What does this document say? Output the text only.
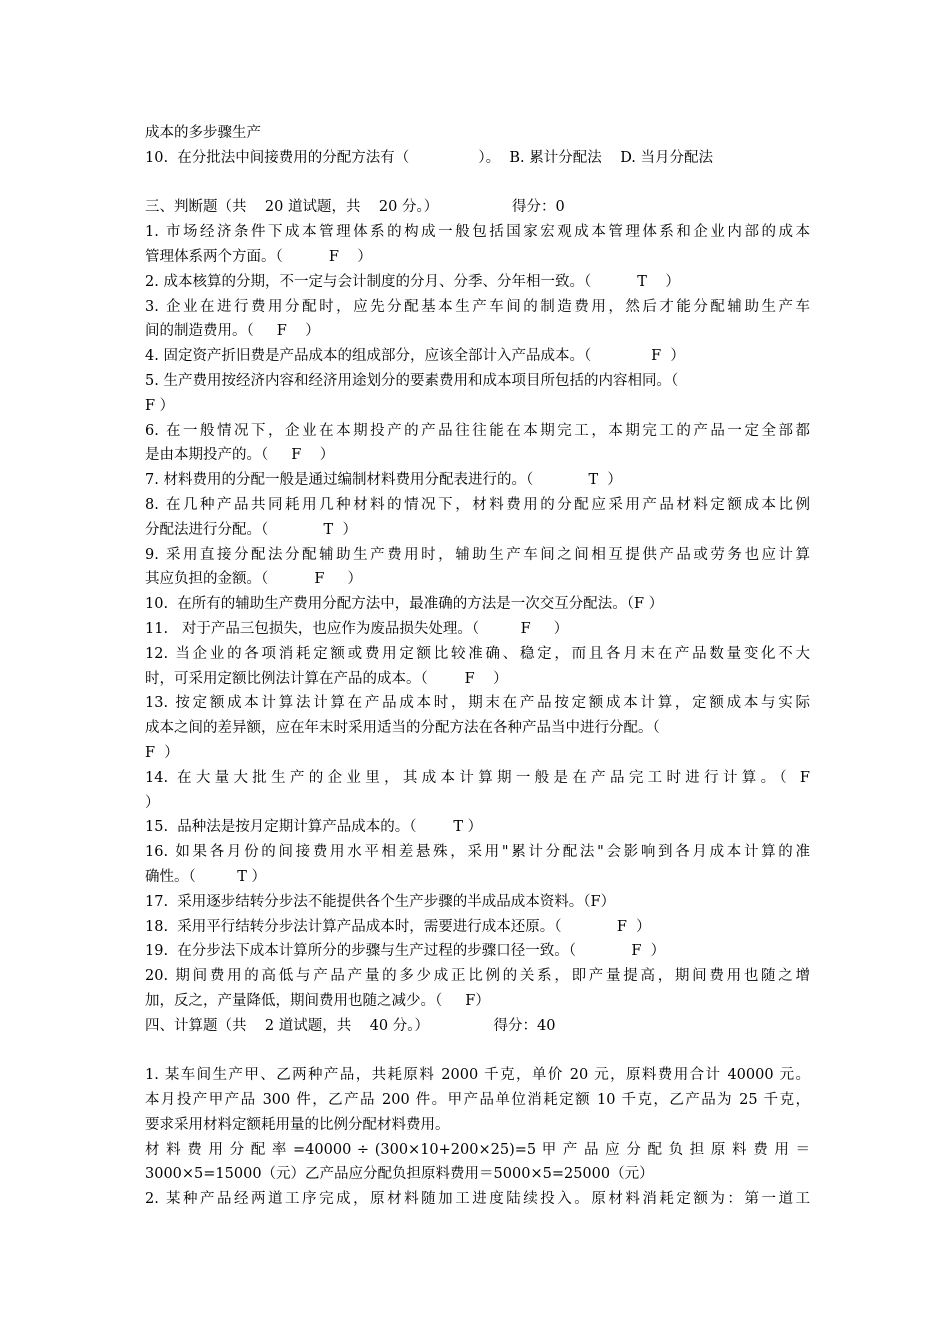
成本的多步骤生产
10.  在分批法中间接费用的分配方法有（               ）。  B. 累计分配法    D. 当月分配法
三、判断题（共    20 道试题，共    20 分。）                得分：0
1. 市场经济条件下成本管理体系的构成一般包括国家宏观成本管理体系和企业内部的成本
管理体系两个方面。（          F    ）
2. 成本核算的分期，不一定与会计制度的分月、分季、分年相一致。（          T    ）
3. 企业在进行费用分配时，应先分配基本生产车间的制造费用，然后才能分配辅助生产车
间的制造费用。（     F    ）
4. 固定资产折旧费是产品成本的组成部分，应该全部计入产品成本。（             F  ）
5. 生产费用按经济内容和经济用途划分的要素费用和成本项目所包括的内容相同。（
F ）
6. 在一般情况下，企业在本期投产的产品往往能在本期完工，本期完工的产品一定全部都
是由本期投产的。（     F    ）
7. 材料费用的分配一般是通过编制材料费用分配表进行的。（            T  ）
8. 在几种产品共同耗用几种材料的情况下，材料费用的分配应采用产品材料定额成本比例
分配法进行分配。（            T  ）
9. 采用直接分配法分配辅助生产费用时，辅助生产车间之间相互提供产品或劳务也应计算
其应负担的金额。（          F     ）
10.  在所有的辅助生产费用分配方法中，最准确的方法是一次交互分配法。（F ）
11.   对于产品三包损失，也应作为废品损失处理。（         F     ）
12. 当企业的各项消耗定额或费用定额比较准确、稳定，而且各月末在产品数量变化不大
时，可采用定额比例法计算在产品的成本。（        F    ）
13. 按定额成本计算法计算在产品成本时，期末在产品按定额成本计算，定额成本与实际
成本之间的差异额，应在年末时采用适当的分配方法在各种产品当中进行分配。（
F  ）
14. 在大量大批生产的企业里，其成本计算期一般是在产品完工时进行计算。（ F
）
15.  品种法是按月定期计算产品成本的。（        T ）
16. 如果各月份的间接费用水平相差悬殊，采用"累计分配法"会影响到各月成本计算的准
确性。（         T ）
17.  采用逐步结转分步法不能提供各个生产步骤的半成品成本资料。（F）
18.  采用平行结转分步法计算产品成本时，需要进行成本还原。（            F  ）
19.  在分步法下成本计算所分的步骤与生产过程的步骤口径一致。（            F  ）
20. 期间费用的高低与产品产量的多少成正比例的关系，即产量提高，期间费用也随之增
加，反之，产量降低，期间费用也随之减少。（     F）
四、计算题（共    2 道试题，共    40 分。）              得分：40
1. 某车间生产甲、乙两种产品，共耗原料 2000 千克，单价 20 元，原料费用合计 40000 元。
本月投产甲产品 300 件，乙产品 200 件。甲产品单位消耗定额 10 千克，乙产品为 25 千克，
要求采用材料定额耗用量的比例分配材料费用。
材 料 费 用 分 配 率 =40000 ÷ (300×10+200×25)=5 甲 产 品 应 分 配 负 担 原 料 费 用 ＝
3000×5=15000（元）乙产品应分配负担原料费用＝5000×5=25000（元）
2. 某种产品经两道工序完成，原材料随加工进度陆续投入。原材料消耗定额为：第一道工
